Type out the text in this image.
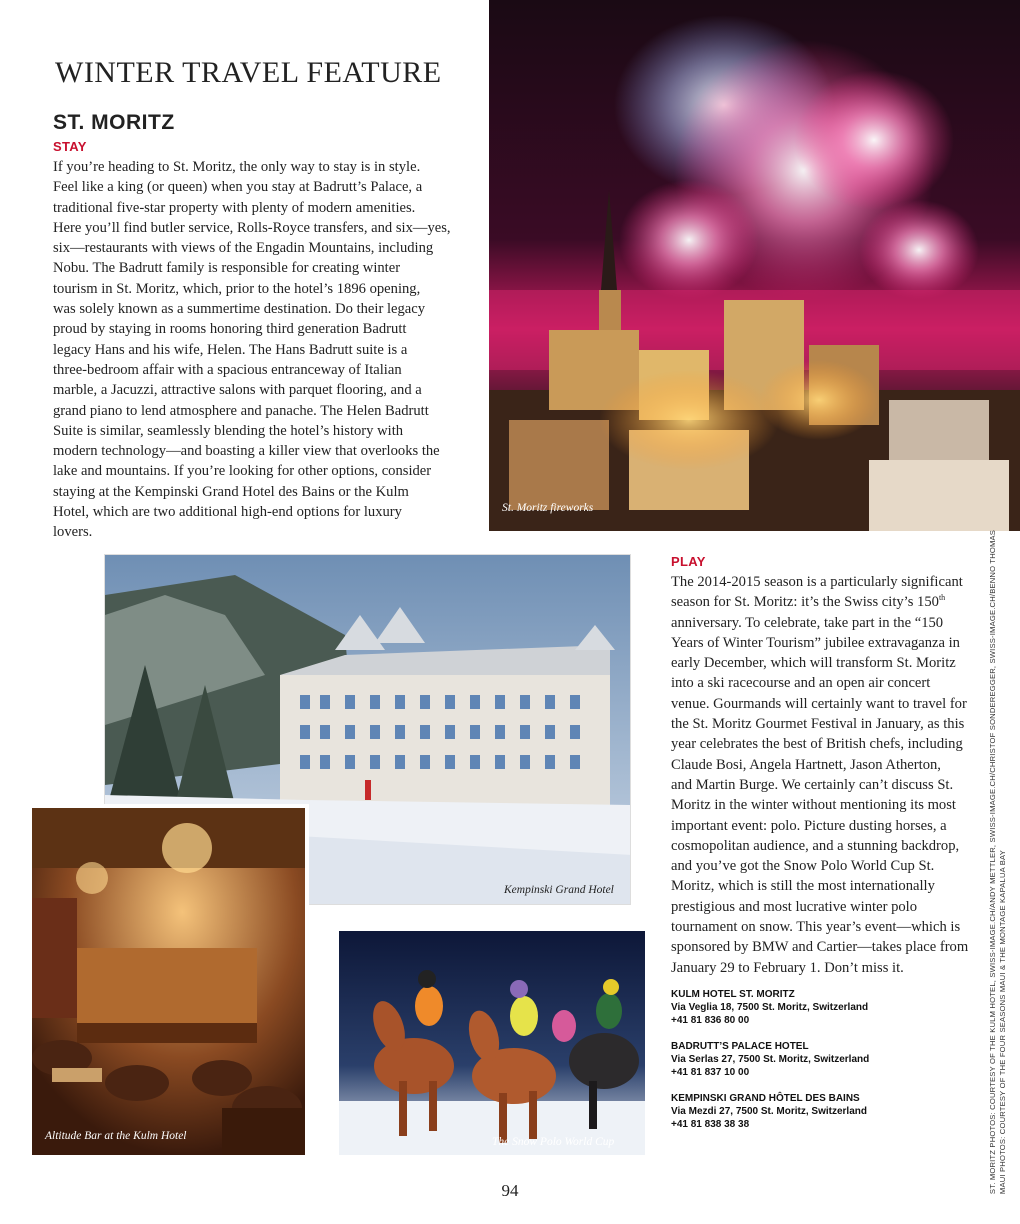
WINTER TRAVEL FEATURE
ST. MORITZ
STAY
If you’re heading to St. Moritz, the only way to stay is in style.
Feel like a king (or queen) when you stay at Badrutt’s Palace, a
traditional five-star property with plenty of modern amenities.
Here you’ll find butler service, Rolls-Royce transfers, and six—yes,
six—restaurants with views of the Engadin Mountains, including
Nobu. The Badrutt family is responsible for creating winter
tourism in St. Moritz, which, prior to the hotel’s 1896 opening,
was solely known as a summertime destination. Do their legacy
proud by staying in rooms honoring third generation Badrutt
legacy Hans and his wife, Helen. The Hans Badrutt suite is a
three-bedroom affair with a spacious entranceway of Italian
marble, a Jacuzzi, attractive salons with parquet flooring, and a
grand piano to lend atmosphere and panache. The Helen Badrutt
Suite is similar, seamlessly blending the hotel’s history with
modern technology—and boasting a killer view that overlooks the
lake and mountains. If you’re looking for other options, consider
staying at the Kempinski Grand Hotel des Bains or the Kulm
Hotel, which are two additional high-end options for luxury
lovers.
St. Moritz fireworks
Kempinski Grand Hotel
Altitude Bar at the Kulm Hotel	The Snow Polo World Cup
PLAY
The 2014-2015 season is a particularly significant
season for St. Moritz: it’s the Swiss city’s 150th
anniversary. To celebrate, take part in the “150
Years of Winter Tourism” jubilee extravaganza in
early December, which will transform St. Moritz
into a ski racecourse and an open air concert
venue. Gourmands will certainly want to travel for
the St. Moritz Gourmet Festival in January, as this
year celebrates the best of British chefs, including
Claude Bosi, Angela Hartnett, Jason Atherton,
and Martin Burge. We certainly can’t discuss St.
Moritz in the winter without mentioning its most
important event: polo. Picture dusting horses, a
cosmopolitan audience, and a stunning backdrop,
and you’ve got the Snow Polo World Cup St.
Moritz, which is still the most internationally
prestigious and most lucrative winter polo
tournament on snow. This year’s event—which is
sponsored by BMW and Cartier—takes place from
January 29 to February 1. Don’t miss it.
KULM HOTEL ST. MORITZ
Via Veglia 18, 7500 St. Moritz, Switzerland
+41 81 836 80 00
BADRUTT’S PALACE HOTEL
Via Serlas 27, 7500 St. Moritz, Switzerland
+41 81 837 10 00
KEMPINSKI GRAND HÔTEL DES BAINS
Via Mezdi 27, 7500 St. Moritz, Switzerland
+41 81 838 38 38	ST. MORITZ PHOTOS: COURTESY OF THE KULM HOTEL, SWISS-IMAGE.CH/ANDY METTLER, SWISS-IMAGE.CH/CHRISTOF SONDEREGGER, SWISS-IMAGE.CH/BENNO THOMAS MAUI PHOTOS: COURTESY OF THE FOUR SEASONS MAUI & THE MONTAGE KAPALUA BAY
94
